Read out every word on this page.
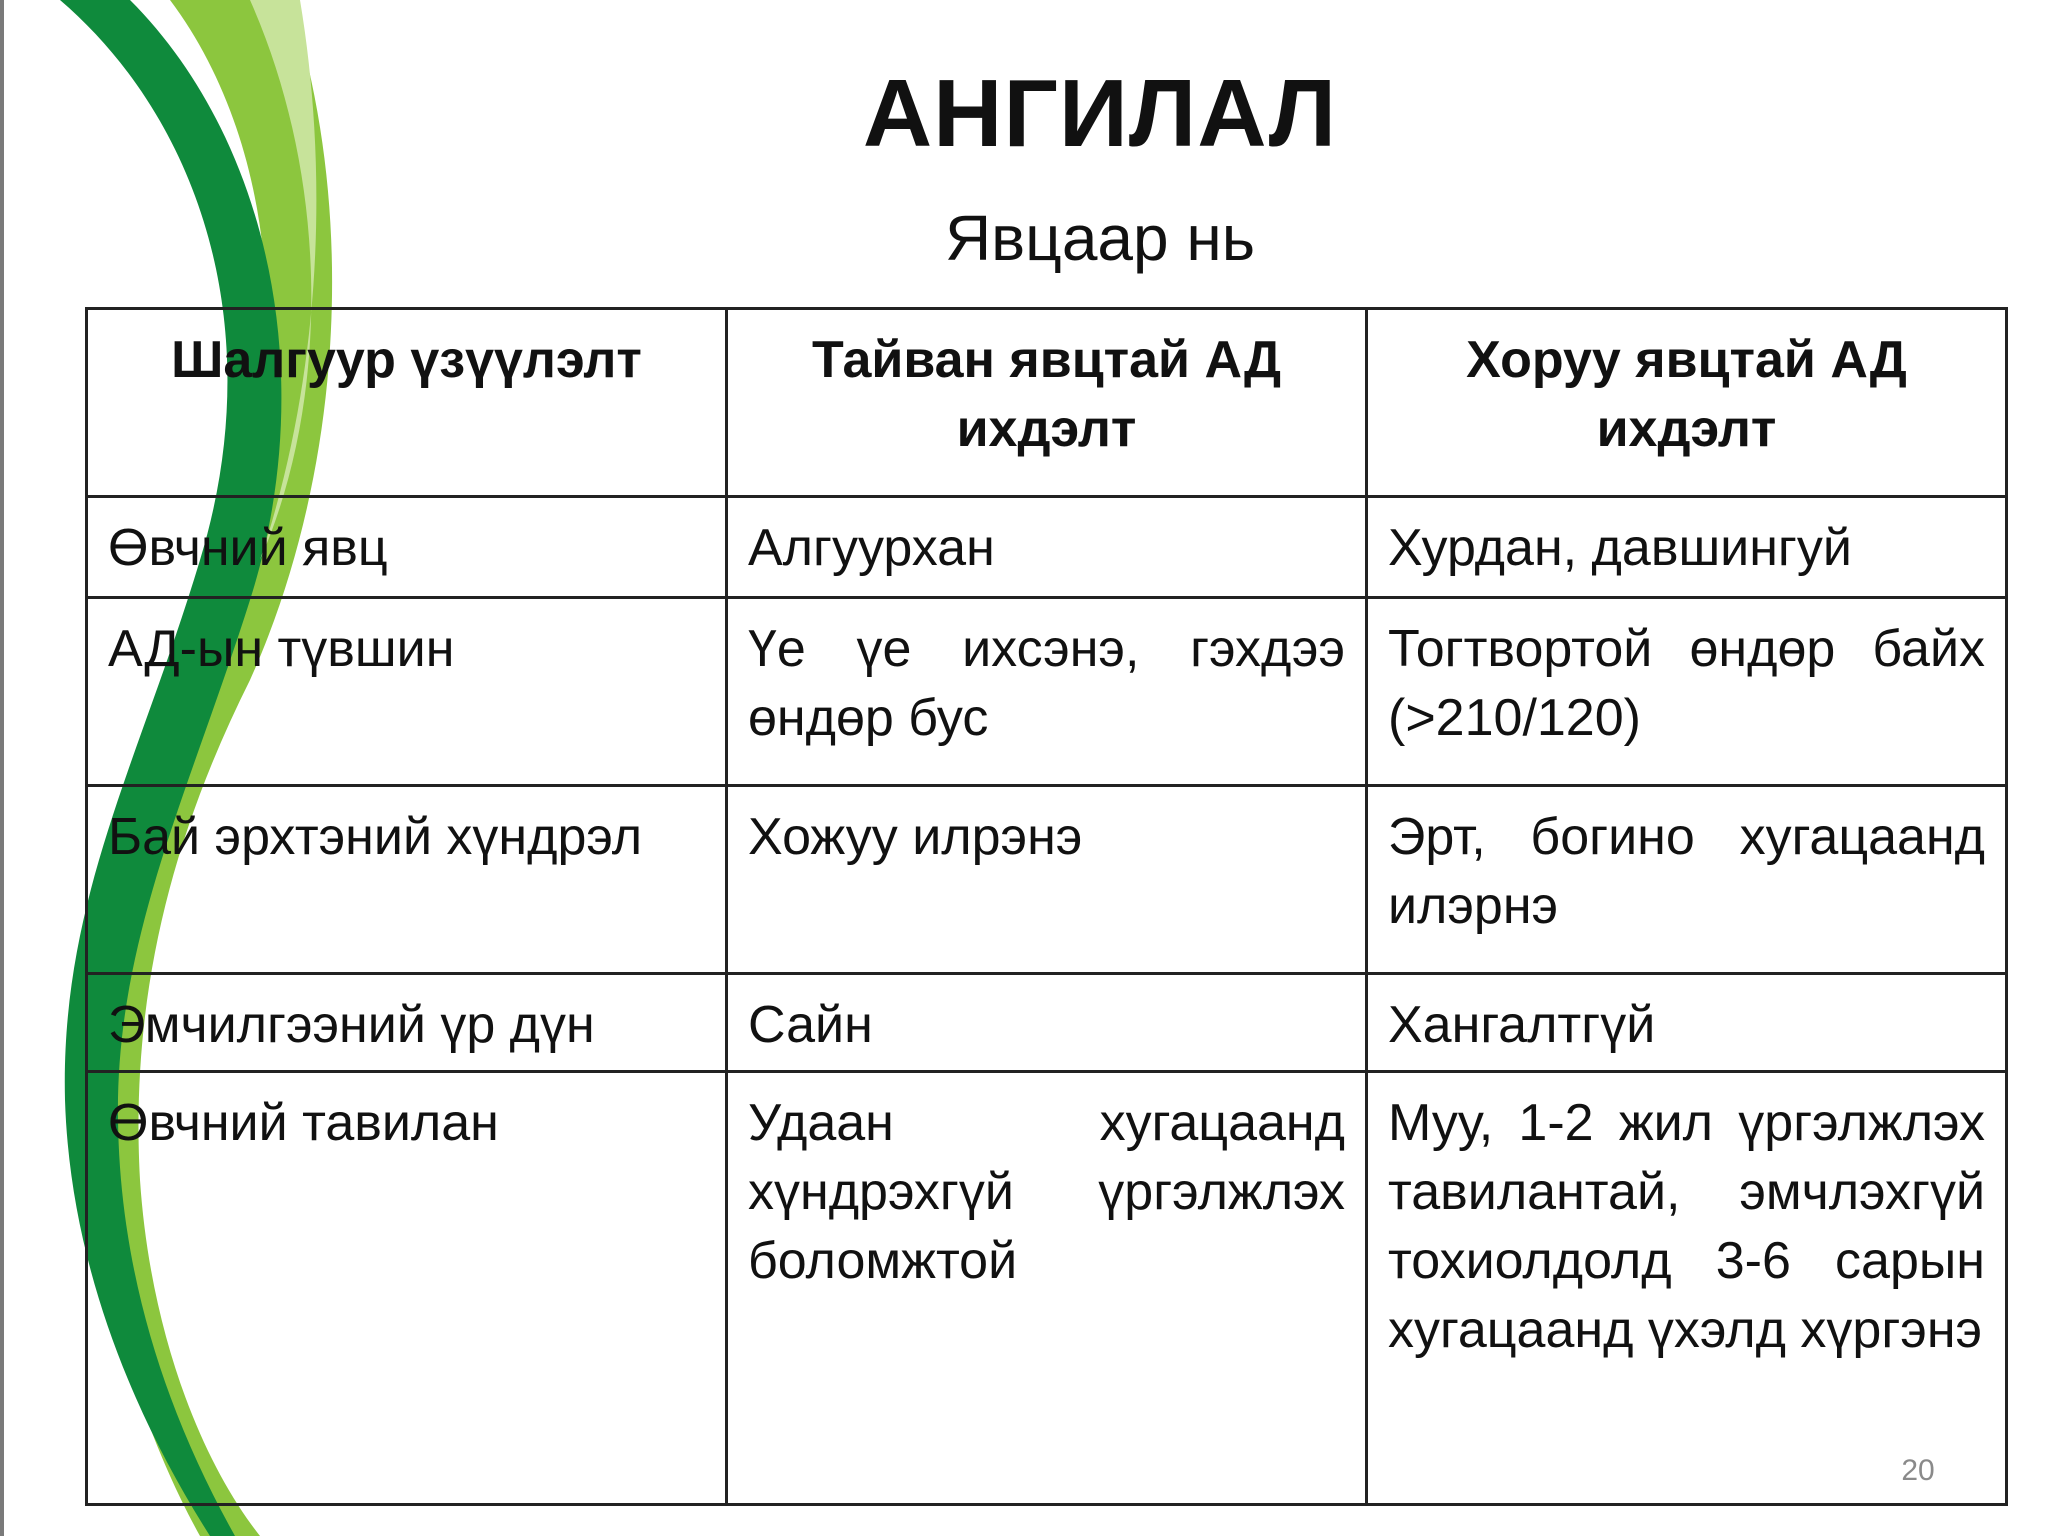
АНГИЛАЛ
Явцаар нь
Шалгуур үзүүлэлт	Тайван явцтай АД ихдэлт	Хоруу явцтай АД ихдэлт
Өвчний явц	Алгуурхан	Хурдан, давшингуй
АД-ын түвшин	Үе үе ихсэнэ, гэхдээ өндөр бус	Тогтвортой өндөр байх (>210/120)
Бай эрхтэний хүндрэл	Хожуу илрэнэ	Эрт, богино хугацаанд илэрнэ
Эмчилгээний үр дүн	Сайн	Хангалтгүй
Өвчний тавилан	Удаан хугацаанд хүндрэхгүй үргэлжлэх боломжтой	Муу, 1-2 жил үргэлжлэх тавилантай, эмчлэхгүй тохиолдолд 3-6 сарын хугацаанд үхэлд хүргэнэ
20
